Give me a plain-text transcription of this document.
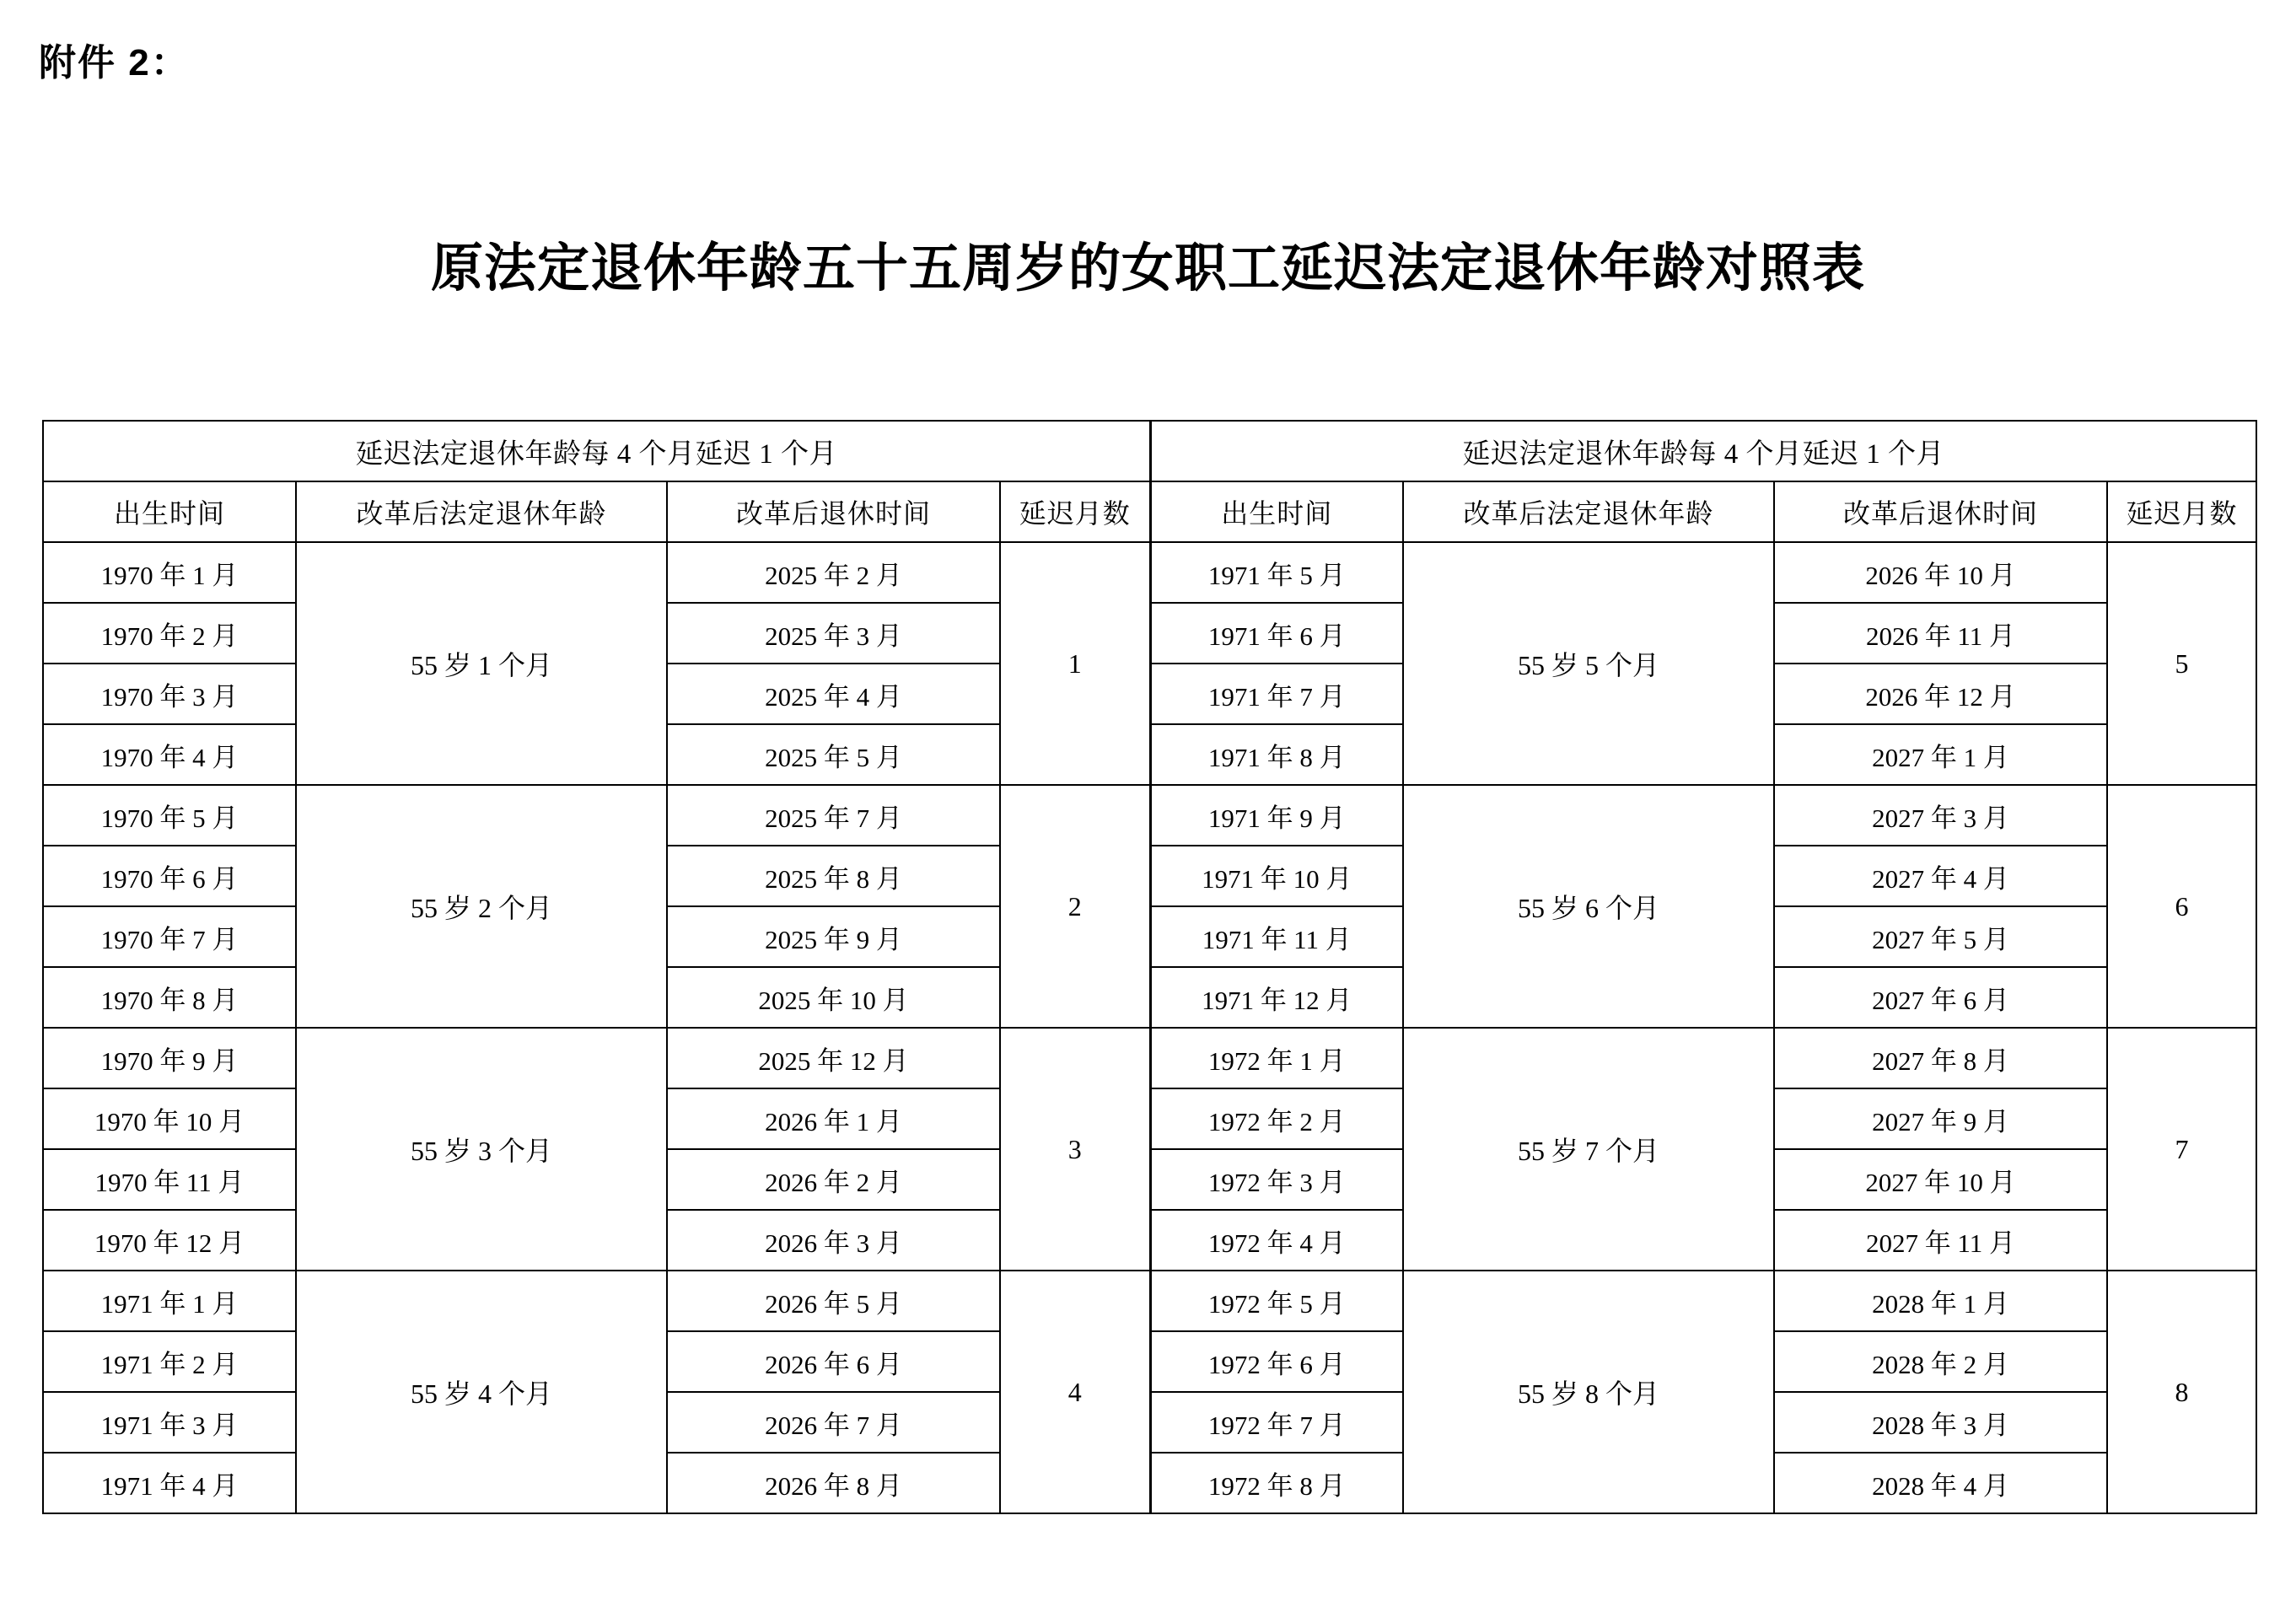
附件 2：
原法定退休年龄五十五周岁的女职工延迟法定退休年龄对照表
延迟法定退休年龄每 4 个月延迟 1 个月				延迟法定退休年龄每 4 个月延迟 1 个月			
出生时间	改革后法定退休年龄	改革后退休时间	延迟月数	出生时间	改革后法定退休年龄	改革后退休时间	延迟月数
1970 年 1 月	55 岁 1 个月	2025 年 2 月	1	1971 年 5 月	55 岁 5 个月	2026 年 10 月	5
1970 年 2 月		2025 年 3 月		1971 年 6 月		2026 年 11 月	
1970 年 3 月		2025 年 4 月		1971 年 7 月		2026 年 12 月	
1970 年 4 月		2025 年 5 月		1971 年 8 月		2027 年 1 月	
1970 年 5 月	55 岁 2 个月	2025 年 7 月	2	1971 年 9 月	55 岁 6 个月	2027 年 3 月	6
1970 年 6 月		2025 年 8 月		1971 年 10 月		2027 年 4 月	
1970 年 7 月		2025 年 9 月		1971 年 11 月		2027 年 5 月	
1970 年 8 月		2025 年 10 月		1971 年 12 月		2027 年 6 月	
1970 年 9 月	55 岁 3 个月	2025 年 12 月	3	1972 年 1 月	55 岁 7 个月	2027 年 8 月	7
1970 年 10 月		2026 年 1 月		1972 年 2 月		2027 年 9 月	
1970 年 11 月		2026 年 2 月		1972 年 3 月		2027 年 10 月	
1970 年 12 月		2026 年 3 月		1972 年 4 月		2027 年 11 月	
1971 年 1 月	55 岁 4 个月	2026 年 5 月	4	1972 年 5 月	55 岁 8 个月	2028 年 1 月	8
1971 年 2 月		2026 年 6 月		1972 年 6 月		2028 年 2 月	
1971 年 3 月		2026 年 7 月		1972 年 7 月		2028 年 3 月	
1971 年 4 月		2026 年 8 月		1972 年 8 月		2028 年 4 月	
